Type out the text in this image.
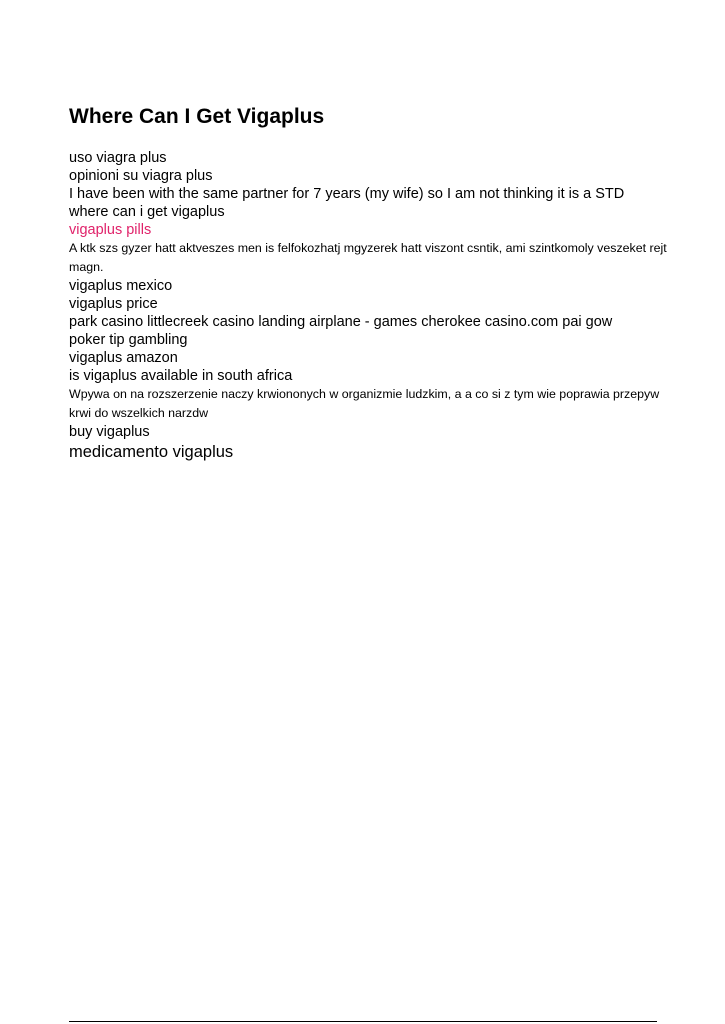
Where Can I Get Vigaplus

uso viagra plus

opinioni su viagra plus

I have been with the same partner for 7 years (my wife) so I am not thinking it is a STD

where can i get vigaplus

vigaplus pills

A ktk szs gyzer hatt aktveszes men is felfokozhatj mgyzerek hatt viszont csntik, ami szintkomoly veszeket rejt magn.

vigaplus mexico

vigaplus price

park casino littlecreek casino landing airplane - games cherokee casino.com pai gow

poker tip gambling

vigaplus amazon

is vigaplus available in south africa

Wpywa on na rozszerzenie naczy krwiononych w organizmie ludzkim, a a co si z tym wie poprawia przepyw krwi do wszelkich narzdw

buy vigaplus

medicamento vigaplus
